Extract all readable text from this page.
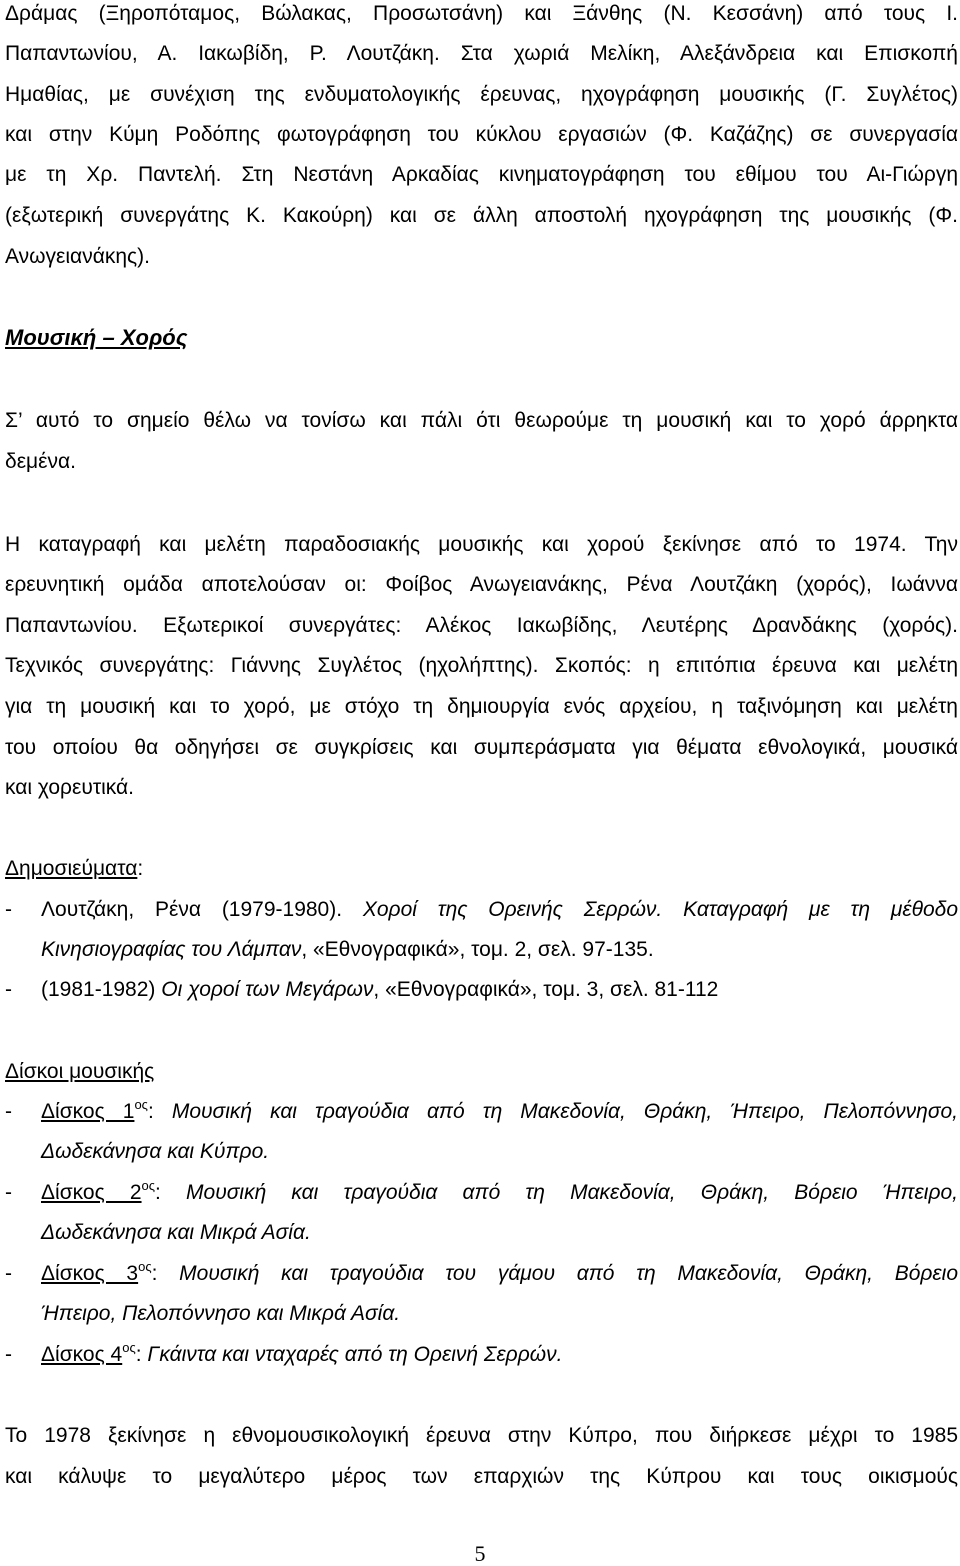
Δράμας (Ξηροπόταμος, Βώλακας, Προσωτσάνη) και Ξάνθης (Ν. Κεσσάνη) από τους Ι.
Παπαντωνίου, Α. Ιακωβίδη, Ρ. Λουτζάκη. Στα χωριά Μελίκη, Αλεξάνδρεια και Επισκοπή
Ημαθίας, με συνέχιση της ενδυματολογικής έρευνας, ηχογράφηση μουσικής (Γ. Συγλέτος)
και στην Κύμη Ροδόπης φωτογράφηση του κύκλου εργασιών (Φ. Καζάζης) σε συνεργασία
με τη Χρ. Παντελή. Στη Νεστάνη Αρκαδίας κινηματογράφηση του εθίμου του Αι-Γιώργη
(εξωτερική συνεργάτης Κ. Κακούρη) και σε άλλη αποστολή ηχογράφηση της μουσικής (Φ.
Ανωγειανάκης).
Μουσική – Χορός
Σ’ αυτό το σημείο θέλω να τονίσω και πάλι ότι θεωρούμε τη μουσική και το χορό άρρηκτα
δεμένα.
Η καταγραφή και μελέτη παραδοσιακής μουσικής και χορού ξεκίνησε από το 1974. Την
ερευνητική ομάδα αποτελούσαν οι: Φοίβος Ανωγειανάκης, Ρένα Λουτζάκη (χορός), Ιωάννα
Παπαντωνίου. Εξωτερικοί συνεργάτες: Αλέκος Ιακωβίδης, Λευτέρης Δρανδάκης (χορός).
Τεχνικός συνεργάτης: Γιάννης Συγλέτος (ηχολήπτης). Σκοπός: η επιτόπια έρευνα και μελέτη
για τη μουσική και το χορό, με στόχο τη δημιουργία ενός αρχείου, η ταξινόμηση και μελέτη
του οποίου θα οδηγήσει σε συγκρίσεις και συμπεράσματα για θέματα εθνολογικά, μουσικά
και χορευτικά.
Δημοσιεύματα:
- Λουτζάκη, Ρένα (1979-1980). Χοροί της Ορεινής Σερρών. Καταγραφή με τη μέθοδο
Κινησιογραφίας του Λάμπαν, «Εθνογραφικά», τομ. 2, σελ. 97-135.
- (1981-1982) Οι χοροί των Μεγάρων, «Εθνογραφικά», τομ. 3, σελ. 81-112
Δίσκοι μουσικής
- Δίσκος $1^{o\varsigma}$: Μουσική και τραγούδια από τη Μακεδονία, Θράκη, Ήπειρο, Πελοπόννησο,
Δωδεκάνησα και Κύπρο.
- Δίσκος $2^{o\varsigma}$: Μουσική και τραγούδια από τη Μακεδονία, Θράκη, Βόρειο Ήπειρο,
Δωδεκάνησα και Μικρά Ασία.
- Δίσκος $3^{o\varsigma}$: Μουσική και τραγούδια του γάμου από τη Μακεδονία, Θράκη, Βόρειο
Ήπειρο, Πελοπόννησο και Μικρά Ασία.
- Δίσκος $4^{o\varsigma}$: Γκάιντα και νταχαρές από τη Ορεινή Σερρών.
Το 1978 ξεκίνησε η εθνομουσικολογική έρευνα στην Κύπρο, που διήρκεσε μέχρι το 1985
και κάλυψε το μεγαλύτερο μέρος των επαρχιών της Κύπρου και τους οικισμούς
5
